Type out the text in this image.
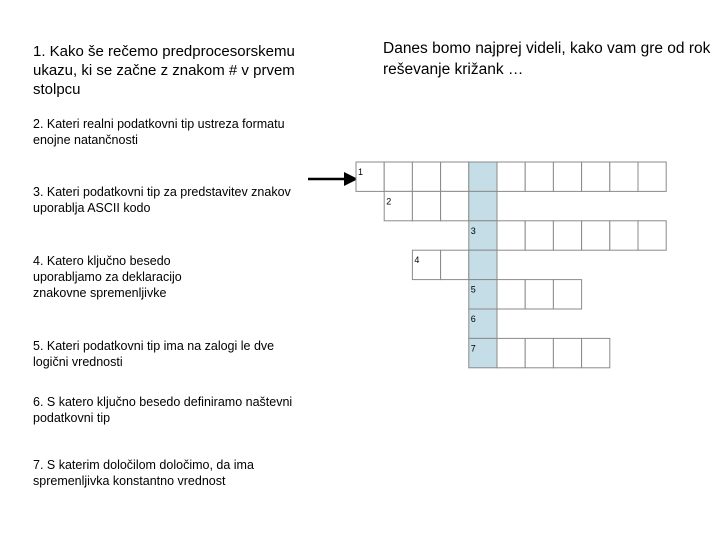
1. Kako še rečemo predprocesorskemu ukazu, ki se začne z znakom # v prvem stolpcu
Danes bomo najprej videli, kako vam gre od rok reševanje križank …
2. Kateri realni podatkovni tip ustreza formatu enojne natančnosti
3. Kateri podatkovni tip za predstavitev znakov uporablja ASCII kodo
4. Katero ključno besedo uporabljamo za deklaracijo znakovne spremenljivke
5. Kateri podatkovni tip ima na zalogi le dve logični vrednosti
6. S katero ključno besedo definiramo naštevni podatkovni tip
7. S katerim določilom določimo, da ima spremenljivka konstantno vrednost
1
2
3
4
5
6
7
